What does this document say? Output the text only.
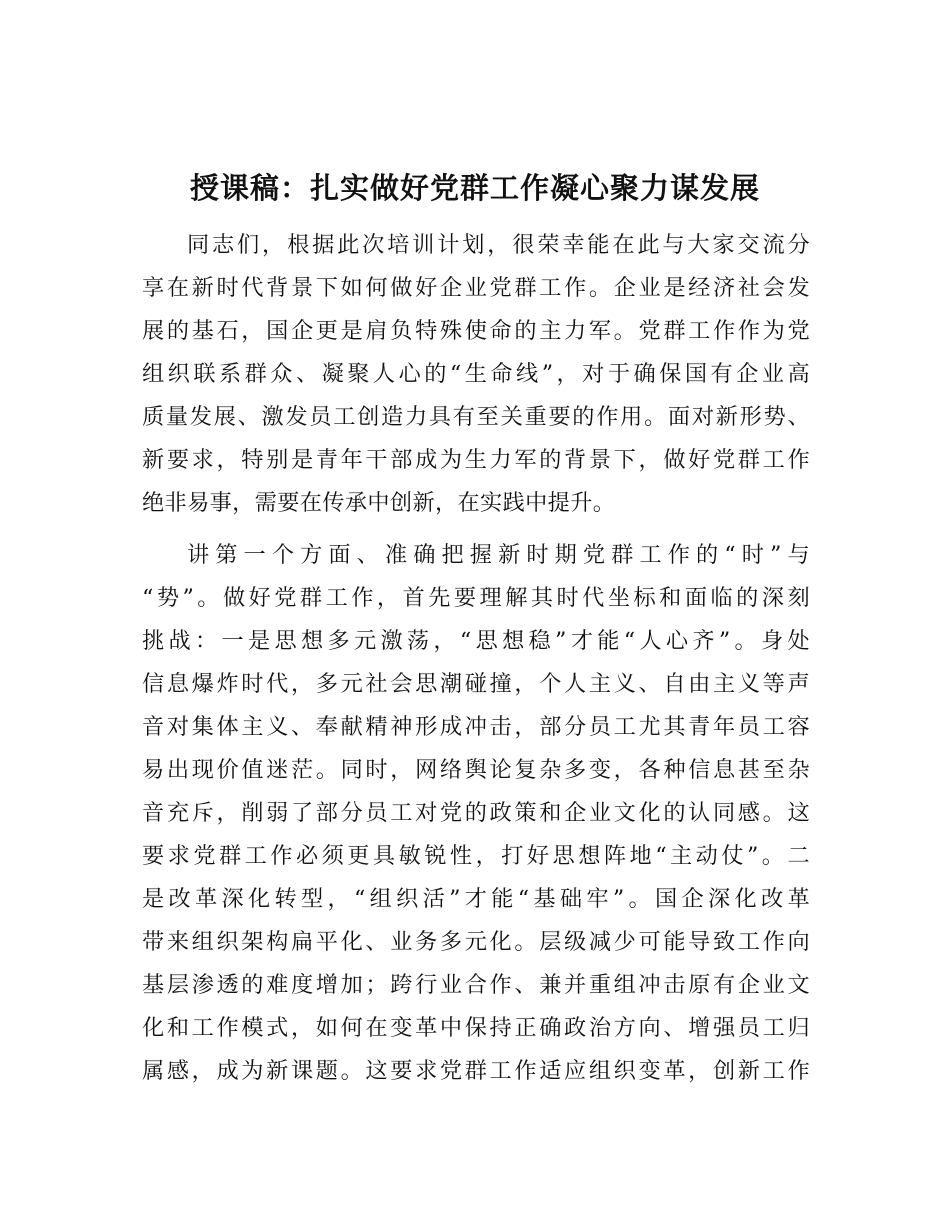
授课稿：扎实做好党群工作凝心聚力谋发展

同志们，根据此次培训计划，很荣幸能在此与大家交流分
享在新时代背景下如何做好企业党群工作。企业是经济社会发
展的基石，国企更是肩负特殊使命的主力军。党群工作作为党
组织联系群众、凝聚人心的“生命线”，对于确保国有企业高
质量发展、激发员工创造力具有至关重要的作用。面对新形势、
新要求，特别是青年干部成为生力军的背景下，做好党群工作
绝非易事，需要在传承中创新，在实践中提升。

讲第一个方面、准确把握新时期党群工作的“时”与
“势”。做好党群工作，首先要理解其时代坐标和面临的深刻
挑战：一是思想多元激荡，“思想稳”才能“人心齐”。身处
信息爆炸时代，多元社会思潮碰撞，个人主义、自由主义等声
音对集体主义、奉献精神形成冲击，部分员工尤其青年员工容
易出现价值迷茫。同时，网络舆论复杂多变，各种信息甚至杂
音充斥，削弱了部分员工对党的政策和企业文化的认同感。这
要求党群工作必须更具敏锐性，打好思想阵地“主动仗”。二
是改革深化转型，“组织活”才能“基础牢”。国企深化改革
带来组织架构扁平化、业务多元化。层级减少可能导致工作向
基层渗透的难度增加；跨行业合作、兼并重组冲击原有企业文
化和工作模式，如何在变革中保持正确政治方向、增强员工归
属感，成为新课题。这要求党群工作适应组织变革，创新工作
